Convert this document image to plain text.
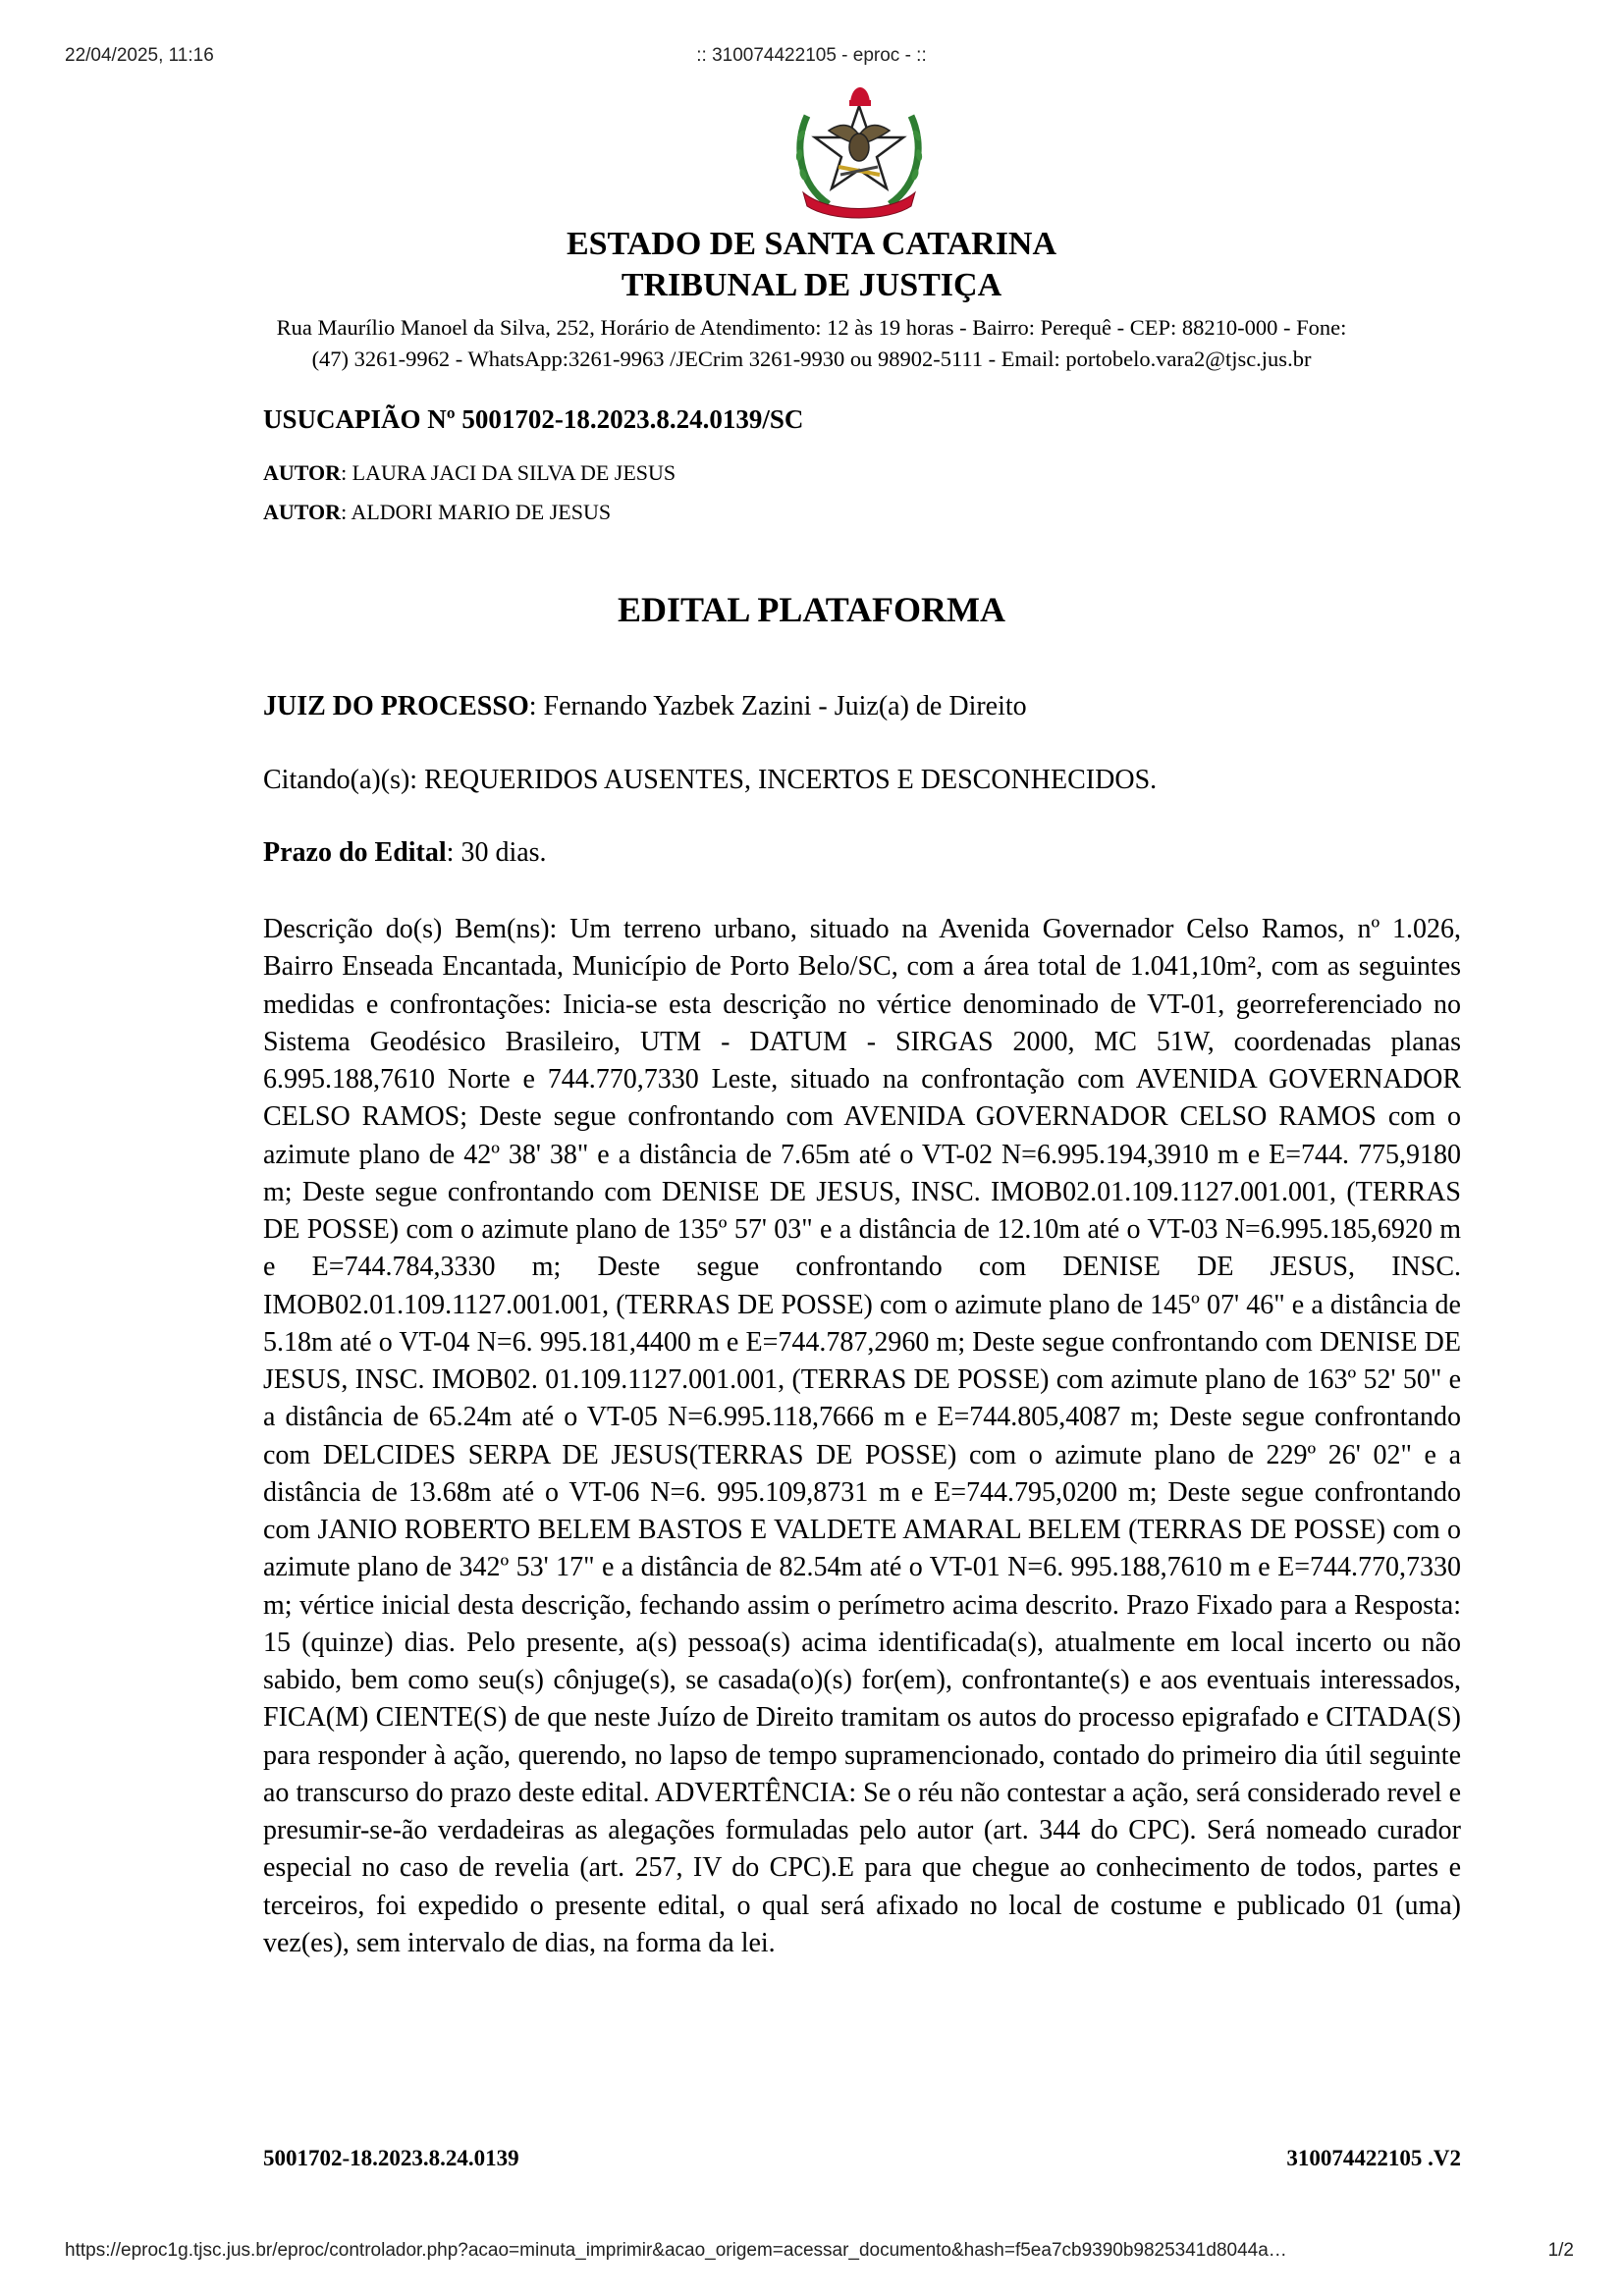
22/04/2025, 11:16	:: 310074422105 - eproc - ::
ESTADO DE SANTA CATARINA
TRIBUNAL DE JUSTIÇA
Rua Maurílio Manoel da Silva, 252, Horário de Atendimento: 12 às 19 horas - Bairro: Perequê - CEP: 88210-000 - Fone:
(47) 3261-9962 - WhatsApp:3261-9963 /JECrim 3261-9930 ou 98902-5111 - Email: portobelo.vara2@tjsc.jus.br
USUCAPIÃO Nº 5001702-18.2023.8.24.0139/SC
AUTOR: LAURA JACI DA SILVA DE JESUS
AUTOR: ALDORI MARIO DE JESUS
EDITAL PLATAFORMA
JUIZ DO PROCESSO: Fernando Yazbek Zazini - Juiz(a) de Direito
Citando(a)(s): REQUERIDOS AUSENTES, INCERTOS E DESCONHECIDOS.
Prazo do Edital: 30 dias.
Descrição do(s) Bem(ns): Um terreno urbano, situado na Avenida Governador Celso Ramos, nº 1.026, Bairro Enseada Encantada, Município de Porto Belo/SC, com a área total de 1.041,10m², com as seguintes medidas e confrontações: Inicia-se esta descrição no vértice denominado de VT-01, georreferenciado no Sistema Geodésico Brasileiro, UTM - DATUM - SIRGAS 2000, MC 51W, coordenadas planas 6.995.188,7610 Norte e 744.770,7330 Leste, situado na confrontação com AVENIDA GOVERNADOR CELSO RAMOS; Deste segue confrontando com AVENIDA GOVERNADOR CELSO RAMOS com o azimute plano de 42º 38' 38" e a distância de 7.65m até o VT-02 N=6.995.194,3910 m e E=744. 775,9180 m; Deste segue confrontando com DENISE DE JESUS, INSC. IMOB02.01.109.1127.001.001, (TERRAS DE POSSE) com o azimute plano de 135º 57' 03" e a distância de 12.10m até o VT-03 N=6.995.185,6920 m e E=744.784,3330 m; Deste segue confrontando com DENISE DE JESUS, INSC. IMOB02.01.109.1127.001.001, (TERRAS DE POSSE) com o azimute plano de 145º 07' 46" e a distância de 5.18m até o VT-04 N=6. 995.181,4400 m e E=744.787,2960 m; Deste segue confrontando com DENISE DE JESUS, INSC. IMOB02. 01.109.1127.001.001, (TERRAS DE POSSE) com azimute plano de 163º 52' 50" e a distância de 65.24m até o VT-05 N=6.995.118,7666 m e E=744.805,4087 m; Deste segue confrontando com DELCIDES SERPA DE JESUS(TERRAS DE POSSE) com o azimute plano de 229º 26' 02" e a distância de 13.68m até o VT-06 N=6. 995.109,8731 m e E=744.795,0200 m; Deste segue confrontando com JANIO ROBERTO BELEM BASTOS E VALDETE AMARAL BELEM (TERRAS DE POSSE) com o azimute plano de 342º 53' 17" e a distância de 82.54m até o VT-01 N=6. 995.188,7610 m e E=744.770,7330 m; vértice inicial desta descrição, fechando assim o perímetro acima descrito. Prazo Fixado para a Resposta: 15 (quinze) dias. Pelo presente, a(s) pessoa(s) acima identificada(s), atualmente em local incerto ou não sabido, bem como seu(s) cônjuge(s), se casada(o)(s) for(em), confrontante(s) e aos eventuais interessados, FICA(M) CIENTE(S) de que neste Juízo de Direito tramitam os autos do processo epigrafado e CITADA(S) para responder à ação, querendo, no lapso de tempo supramencionado, contado do primeiro dia útil seguinte ao transcurso do prazo deste edital. ADVERTÊNCIA: Se o réu não contestar a ação, será considerado revel e presumir-se-ão verdadeiras as alegações formuladas pelo autor (art. 344 do CPC). Será nomeado curador especial no caso de revelia (art. 257, IV do CPC).E para que chegue ao conhecimento de todos, partes e terceiros, foi expedido o presente edital, o qual será afixado no local de costume e publicado 01 (uma) vez(es), sem intervalo de dias, na forma da lei.
5001702-18.2023.8.24.0139	310074422105 .V2
https://eproc1g.tjsc.jus.br/eproc/controlador.php?acao=minuta_imprimir&acao_origem=acessar_documento&hash=f5ea7cb9390b9825341d8044a…	1/2
